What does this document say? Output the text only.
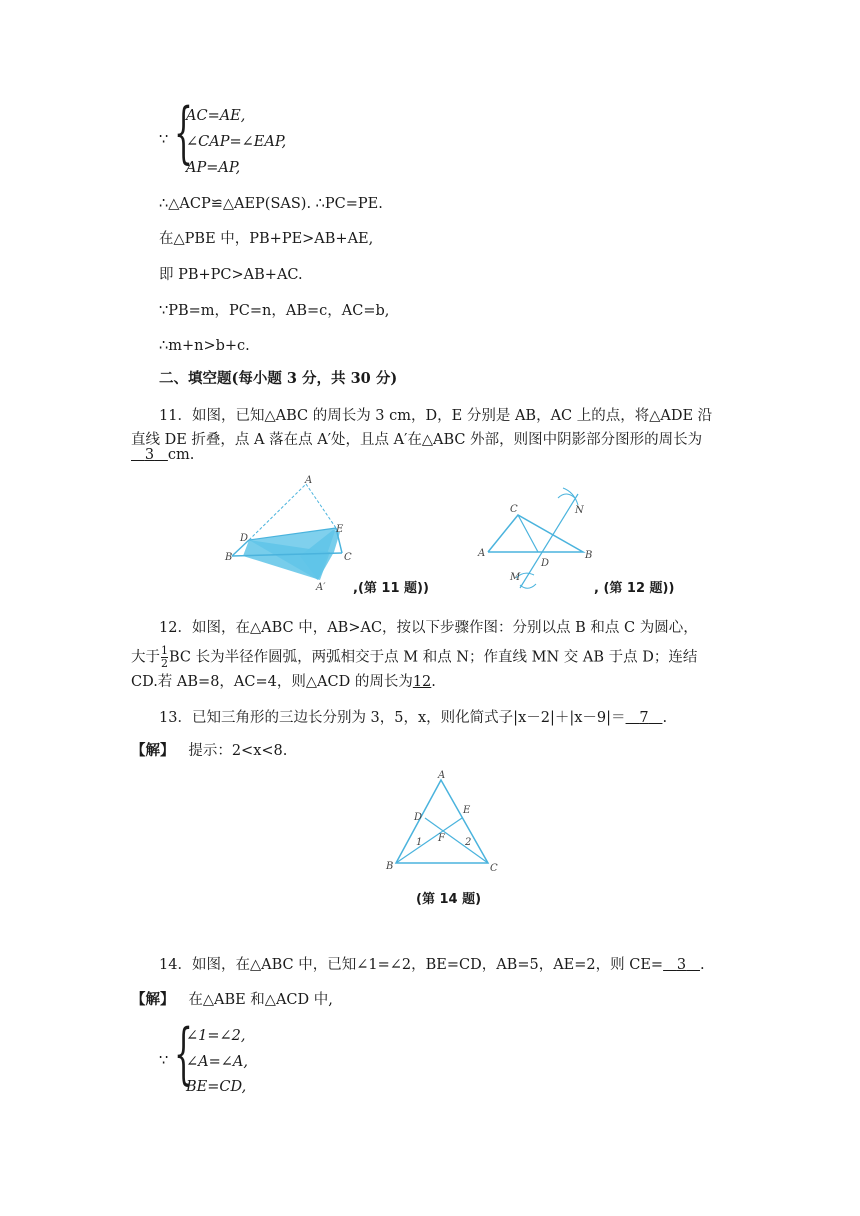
∵ {
AC=AE,
∠CAP=∠EAP,
AP=AP,
∴△ACP≌△AEP(SAS). ∴PC=PE.
在△PBE 中，PB+PE>AB+AE,
即 PB+PC>AB+AC.
∵PB=m，PC=n，AB=c，AC=b,
∴m+n>b+c.
二、填空题(每小题 3 分，共 30 分)
11．如图，已知△ABC 的周长为 3 cm，D，E 分别是 AB，AC 上的点，将△ADE 沿
直线 DE 折叠，点 A 落在点 A′处，且点 A′在△ABC 外部，则图中阴影部分图形的周长为
3 cm.
A
B	C
D
E
A′ ,(第 11 题))
C
A	B
D
M
N
, (第 12 题))
12．如图，在△ABC 中，AB>AC，按以下步骤作图：分别以点 B 和点 C 为圆心，
大于 $\frac{1}{2}$ BC 长为半径作圆弧，两弧相交于点 M 和点 N；作直线 MN 交 AB 于点 D；连结
CD.若 AB=8，AC=4，则△ACD 的周长为12.
13．已知三角形的三边长分别为 3，5，x，则化简式子|x－2|＋|x－9|＝ 7 .
【解】 提示：2<x<8.
A
B	C
D
E
F
1	2
(第 14 题)
14．如图，在△ABC 中，已知∠1=∠2，BE=CD，AB=5，AE=2，则 CE= 3 .
【解】 在△ABE 和△ACD 中,
∵ {
∠1=∠2,
∠A=∠A,
BE=CD,
